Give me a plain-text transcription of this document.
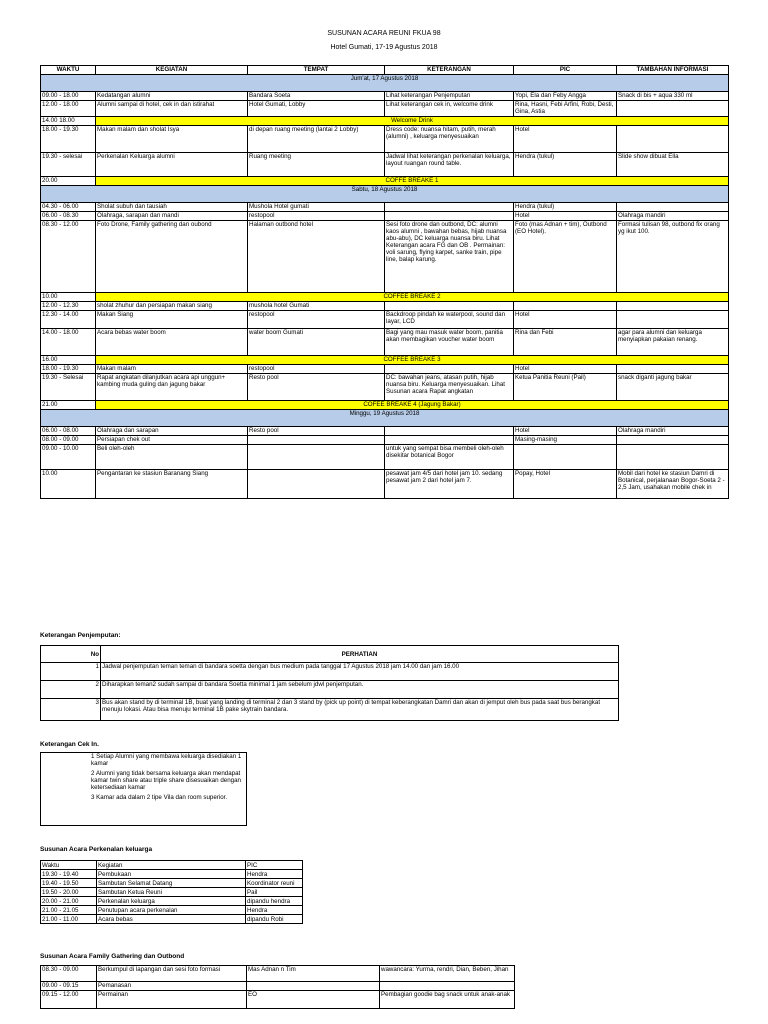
SUSUNAN ACARA REUNI FKUA 98
Hotel Gumati, 17-19 Agustus 2018
WAKTU	KEGIATAN	TEMPAT	KETERANGAN	PIC	TAMBAHAN INFORMASI
Jum'at, 17 Agustus 2018					
09.00 - 18.00	Kedatangan alumni	Bandara Soeta	Lihat keterangan Penjemputan	Yopi, Ela dan Feby Angga	Snack di bis + aqua 330 ml
12.00 - 18.00	Alumni sampai di hotel, cek in dan istirahat	Hotel Gumati, Lobby	Lihat keterangan cek in, welcome drink	Rina, Hasni, Febi Arfini, Robi, Desti, Gina, Astia	
14.00 18.00	Welcome Drink				
18.00 - 19.30	Makan malam dan sholat Isya	di depan ruang meeting (lantai 2 Lobby)	Dress code: nuansa hitam, putih, merah (alumni) , keluarga menyesuaikan	Hotel	
19.30 - selesai	Perkenalan Keluarga alumni	Ruang meeting	Jadwal lihat keterangan perkenalan keluarga, layout ruangan round table.	Hendra (tukul)	Slide show dibuat Ella
20.00	COFFE BREAKE 1				
Sabtu, 18 Agustus 2018					
04.30 - 06.00	Sholat subuh dan tausiah	Mushola Hotel gumati		Hendra (tukul)	
06.00 - 08.30	Olahraga, sarapan dan mandi	restopool		Hotel	Olahraga mandiri
08.30 - 12.00	Foto Drone, Family gathering dan oubond	Halaman outbond hotel	Sesi foto drone dan outbond, DC: alumni kaos alumni , bawahan bebas, hijab nuansa abu-abu), DC keluarga nuansa biru. Lihat Keterangan acara FG dan OB . Permainan: voli sarung, flying karpet, sanke train, pipe line, balap karung.	Foto (mas Adnan + tim), Outbond (EO Hotel).	Formasi tulisan 98, outbond fix orang yg ikut 100.
10.00	COFFEE BREAKE 2				
12.00 - 12.30	sholat zhuhur dan persiapan makan siang	mushola hotel Gumati			
12.30 - 14.00	Makan Siang	restopool	Backdroop pindah ke waterpool, sound dan layar, LCD	Hotel	
14.00 - 18.00	Acara bebas water boom	water boom Gumati	Bagi yang mau masuk water boom, panitia akan membagikan voucher water boom	Rina dan Febi	agar para alumni dan keluarga menyiapkan pakaian renang.
16.00	COFFEE BREAKE 3				
18.00 - 19.30	Makan malam	restopool		Hotel	
19.30 - Selesai	Rapat angkatan dilanjutkan acara api unggun+ kambing muda guling dan jagung bakar	Resto pool	DC: bawahan jeans, atasan putih, hijab nuansa biru. Keluarga menyesuaikan. Lihat Susunan acara Rapat angkatan	Ketua Panitia Reuni (Pail)	snack diganti jagung bakar
21.00	COFEE BREAKE 4 (Jagung Bakar)				
Minggu, 19 Agustus 2018					
06.00 - 08.00	Olahraga dan sarapan	Resto pool		Hotel	Olahraga mandiri
08.00 - 09.00	Persiapan chek out			Masing-masing	
09.00 - 10.00	Beli oleh-oleh		untuk yang sempat bisa membeli oleh-oleh disekitar botanical Bogor		
10.00	Pengantaran ke stasiun Baranang Siang		pesawat jam 4/5 dari hotel jam 10. sedang pesawat jam 2 dari hotel jam 7.	Popay, Hotel	Mobil dari hotel ke stasiun Damri di Botanical, perjalanaan Bogor-Soeta 2 - 2,5 Jam, usahakan mobile chek in
Keterangan Penjemputan:
No	PERHATIAN
1	Jadwal penjemputan teman teman di bandara soetta dengan bus medium pada tanggal 17 Agustus 2018 jam 14.00 dan jam 16.00
2	Diharapkan teman2 sudah sampai di bandara Soetta minimal 1 jam sebelum jdwl penjemputan.
3	Bus akan stand by di terminal 1B, buat yang landing di terminal 2 dan 3 stand by (pick up point) di tempat keberangkatan Damri dan akan di jemput oleh bus pada saat bus berangkat menuju lokasi. Atau bisa menuju terminal 1B pake skytrain bandara.
Keterangan Cek In.
1 Setiap Alumni yang membawa keluarga disediakan 1 kamar
2 Alumni yang tidak bersama keluarga akan mendapat kamar twin share atau triple share disesuaikan dengan ketersediaan kamar
3 Kamar ada dalam 2 tipe Vila dan room superior.
Susunan Acara Perkenalan keluarga
Waktu	Kegiatan	PIC
19.30 - 19.40	Pembukaan	Hendra
19.40 - 19.50	Sambutan Selamat Datang	Koordinator reuni
19.50 - 20.00	Sambutan Ketua Reuni	Pail
20.00 - 21.00	Perkenalan keluarga	dipandu hendra
21.00 - 21.05	Penutupan acara perkenalan	Hendra
21.00 - 11.00	Acara bebas	dipandu Robi
Susunan Acara Family Gathering dan Outbond
08.30 - 09.00	Berkumpul di lapangan dan sesi foto formasi	Mas Adnan n Tim	wawancara: Yurma, rendri, Dian, Beben, Jihan
09.00 - 09.15	Pemanasan		
09.15 - 12.00	Permainan	EO	Pembagian goodie bag snack untuk anak-anak
